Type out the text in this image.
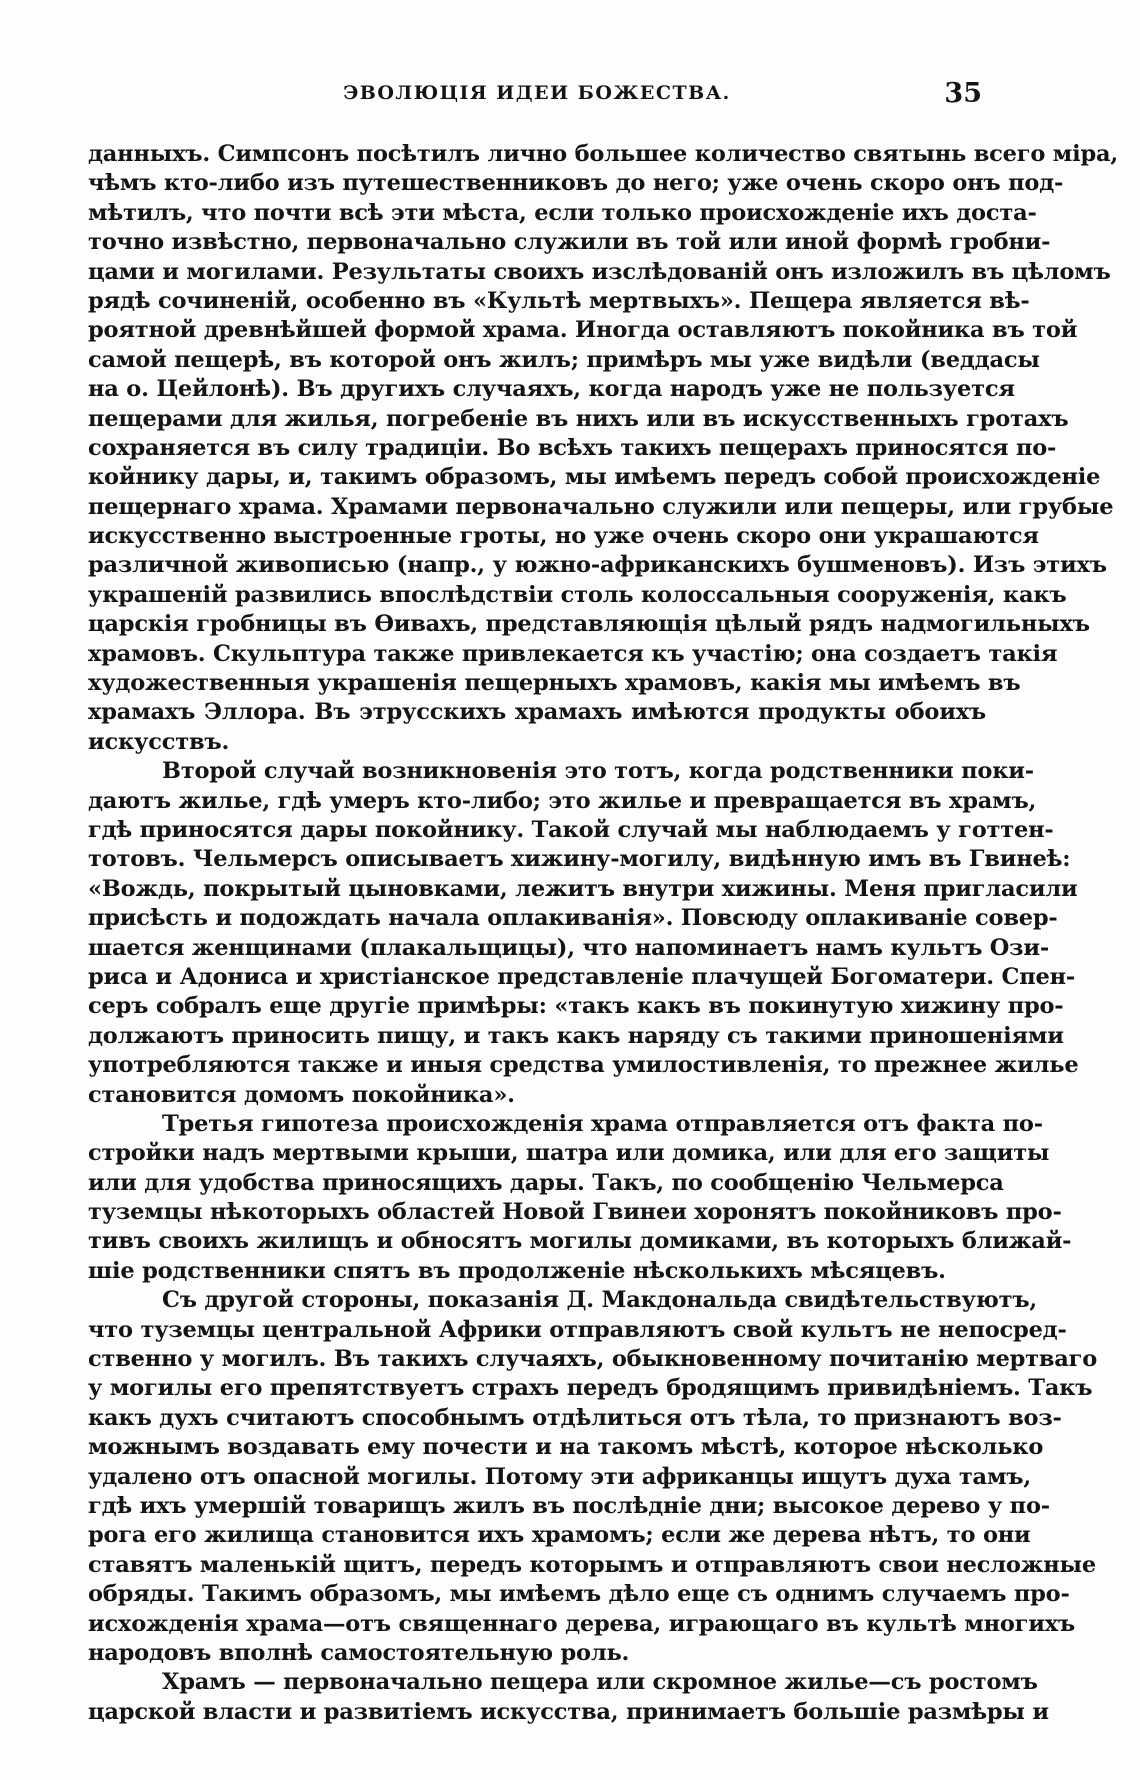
ЭВОЛЮЦІЯ ИДЕИ БОЖЕСТВА.	35
данныхъ. Симпсонъ посѣтилъ лично большее количество святынь всего міра,
чѣмъ кто-либо изъ путешественниковъ до него; уже очень скоро онъ под-
мѣтилъ, что почти всѣ эти мѣста, если только происхожденіе ихъ доста-
точно извѣстно, первоначально служили въ той или иной формѣ гробни-
цами и могилами. Результаты своихъ изслѣдованій онъ изложилъ въ цѣломъ
рядѣ сочиненій, особенно въ «Культѣ мертвыхъ». Пещера является вѣ-
роятной древнѣйшей формой храма. Иногда оставляютъ покойника въ той
самой пещерѣ, въ которой онъ жилъ; примѣръ мы уже видѣли (веддасы
на о. Цейлонѣ). Въ другихъ случаяхъ, когда народъ уже не пользуется
пещерами для жилья, погребеніе въ нихъ или въ искусственныхъ гротахъ
сохраняется въ силу традиціи. Во всѣхъ такихъ пещерахъ приносятся по-
койнику дары, и, такимъ образомъ, мы имѣемъ передъ собой происхожденіе
пещернаго храма. Храмами первоначально служили или пещеры, или грубые
искусственно выстроенные гроты, но уже очень скоро они украшаются
различной живописью (напр., у южно-африканскихъ бушменовъ). Изъ этихъ
украшеній развились впослѣдствіи столь колоссальныя сооруженія, какъ
царскія гробницы въ Ѳивахъ, представляющія цѣлый рядъ надмогильныхъ
храмовъ. Скульптура также привлекается къ участію; она создаетъ такія
художественныя украшенія пещерныхъ храмовъ, какія мы имѣемъ въ
храмахъ Эллора. Въ этрусскихъ храмахъ имѣются продукты обоихъ
искусствъ.
Второй случай возникновенія это тотъ, когда родственники поки-
даютъ жилье, гдѣ умеръ кто-либо; это жилье и превращается въ храмъ,
гдѣ приносятся дары покойнику. Такой случай мы наблюдаемъ у готтен-
тотовъ. Чельмерсъ описываетъ хижину-могилу, видѣнную имъ въ Гвинеѣ:
«Вождь, покрытый цыновками, лежитъ внутри хижины. Меня пригласили
присѣсть и подождать начала оплакиванія». Повсюду оплакиваніе совер-
шается женщинами (плакальщицы), что напоминаетъ намъ культъ Ози-
риса и Адониса и христіанское представленіе плачущей Богоматери. Спен-
серъ собралъ еще другіе примѣры: «такъ какъ въ покинутую хижину про-
должаютъ приносить пищу, и такъ какъ наряду съ такими приношеніями
употребляются также и иныя средства умилостивленія, то прежнее жилье
становится домомъ покойника».
Третья гипотеза происхожденія храма отправляется отъ факта по-
стройки надъ мертвыми крыши, шатра или домика, или для его защиты
или для удобства приносящихъ дары. Такъ, по сообщенію Чельмерса
туземцы нѣкоторыхъ областей Новой Гвинеи хоронятъ покойниковъ про-
тивъ своихъ жилищъ и обносятъ могилы домиками, въ которыхъ ближай-
шіе родственники спятъ въ продолженіе нѣсколькихъ мѣсяцевъ.
Съ другой стороны, показанія Д. Макдональда свидѣтельствуютъ,
что туземцы центральной Африки отправляютъ свой культъ не непосред-
ственно у могилъ. Въ такихъ случаяхъ, обыкновенному почитанію мертваго
у могилы его препятствуетъ страхъ передъ бродящимъ привидѣніемъ. Такъ
какъ духъ считаютъ способнымъ отдѣлиться отъ тѣла, то признаютъ воз-
можнымъ воздавать ему почести и на такомъ мѣстѣ, которое нѣсколько
удалено отъ опасной могилы. Потому эти африканцы ищутъ духа тамъ,
гдѣ ихъ умершій товарищъ жилъ въ послѣдніе дни; высокое дерево у по-
рога его жилища становится ихъ храмомъ; если же дерева нѣтъ, то они
ставятъ маленькій щитъ, передъ которымъ и отправляютъ свои несложные
обряды. Такимъ образомъ, мы имѣемъ дѣло еще съ однимъ случаемъ про-
исхожденія храма—отъ священнаго дерева, играющаго въ культѣ многихъ
народовъ вполнѣ самостоятельную роль.
Храмъ — первоначально пещера или скромное жилье—съ ростомъ
царской власти и развитіемъ искусства, принимаетъ большіе размѣры и
